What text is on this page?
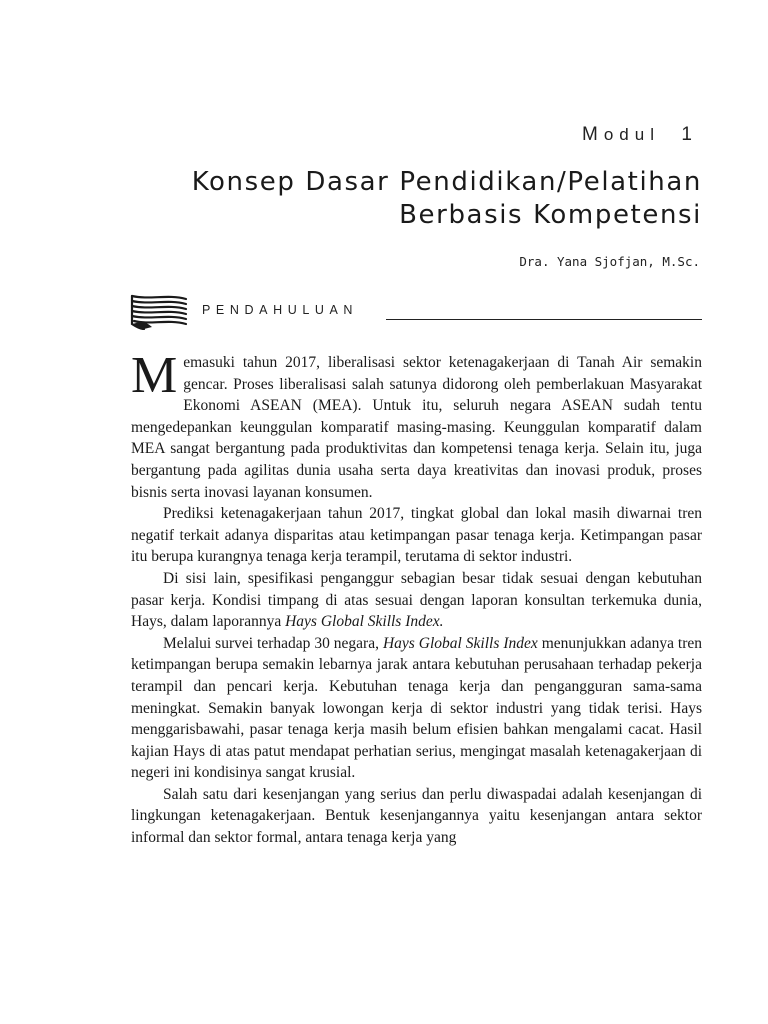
Modul 1
Konsep Dasar Pendidikan/Pelatihan
Berbasis Kompetensi
Dra. Yana Sjofjan, M.Sc.
PENDAHULUAN

Memasuki tahun 2017, liberalisasi sektor ketenagakerjaan di Tanah Air semakin gencar. Proses liberalisasi salah satunya didorong oleh pemberlakuan Masyarakat Ekonomi ASEAN (MEA). Untuk itu, seluruh negara ASEAN sudah tentu mengedepankan keunggulan komparatif masing-masing. Keunggulan komparatif dalam MEA sangat bergantung pada produktivitas dan kompetensi tenaga kerja. Selain itu, juga bergantung pada agilitas dunia usaha serta daya kreativitas dan inovasi produk, proses bisnis serta inovasi layanan konsumen.

Prediksi ketenagakerjaan tahun 2017, tingkat global dan lokal masih diwarnai tren negatif terkait adanya disparitas atau ketimpangan pasar tenaga kerja. Ketimpangan pasar itu berupa kurangnya tenaga kerja terampil, terutama di sektor industri.

Di sisi lain, spesifikasi penganggur sebagian besar tidak sesuai dengan kebutuhan pasar kerja. Kondisi timpang di atas sesuai dengan laporan konsultan terkemuka dunia, Hays, dalam laporannya Hays Global Skills Index.

Melalui survei terhadap 30 negara, Hays Global Skills Index menunjukkan adanya tren ketimpangan berupa semakin lebarnya jarak antara kebutuhan perusahaan terhadap pekerja terampil dan pencari kerja. Kebutuhan tenaga kerja dan pengangguran sama-sama meningkat. Semakin banyak lowongan kerja di sektor industri yang tidak terisi. Hays menggarisbawahi, pasar tenaga kerja masih belum efisien bahkan mengalami cacat. Hasil kajian Hays di atas patut mendapat perhatian serius, mengingat masalah ketenagakerjaan di negeri ini kondisinya sangat krusial.

Salah satu dari kesenjangan yang serius dan perlu diwaspadai adalah kesenjangan di lingkungan ketenagakerjaan. Bentuk kesenjangannya yaitu kesenjangan antara sektor informal dan sektor formal, antara tenaga kerja yang
